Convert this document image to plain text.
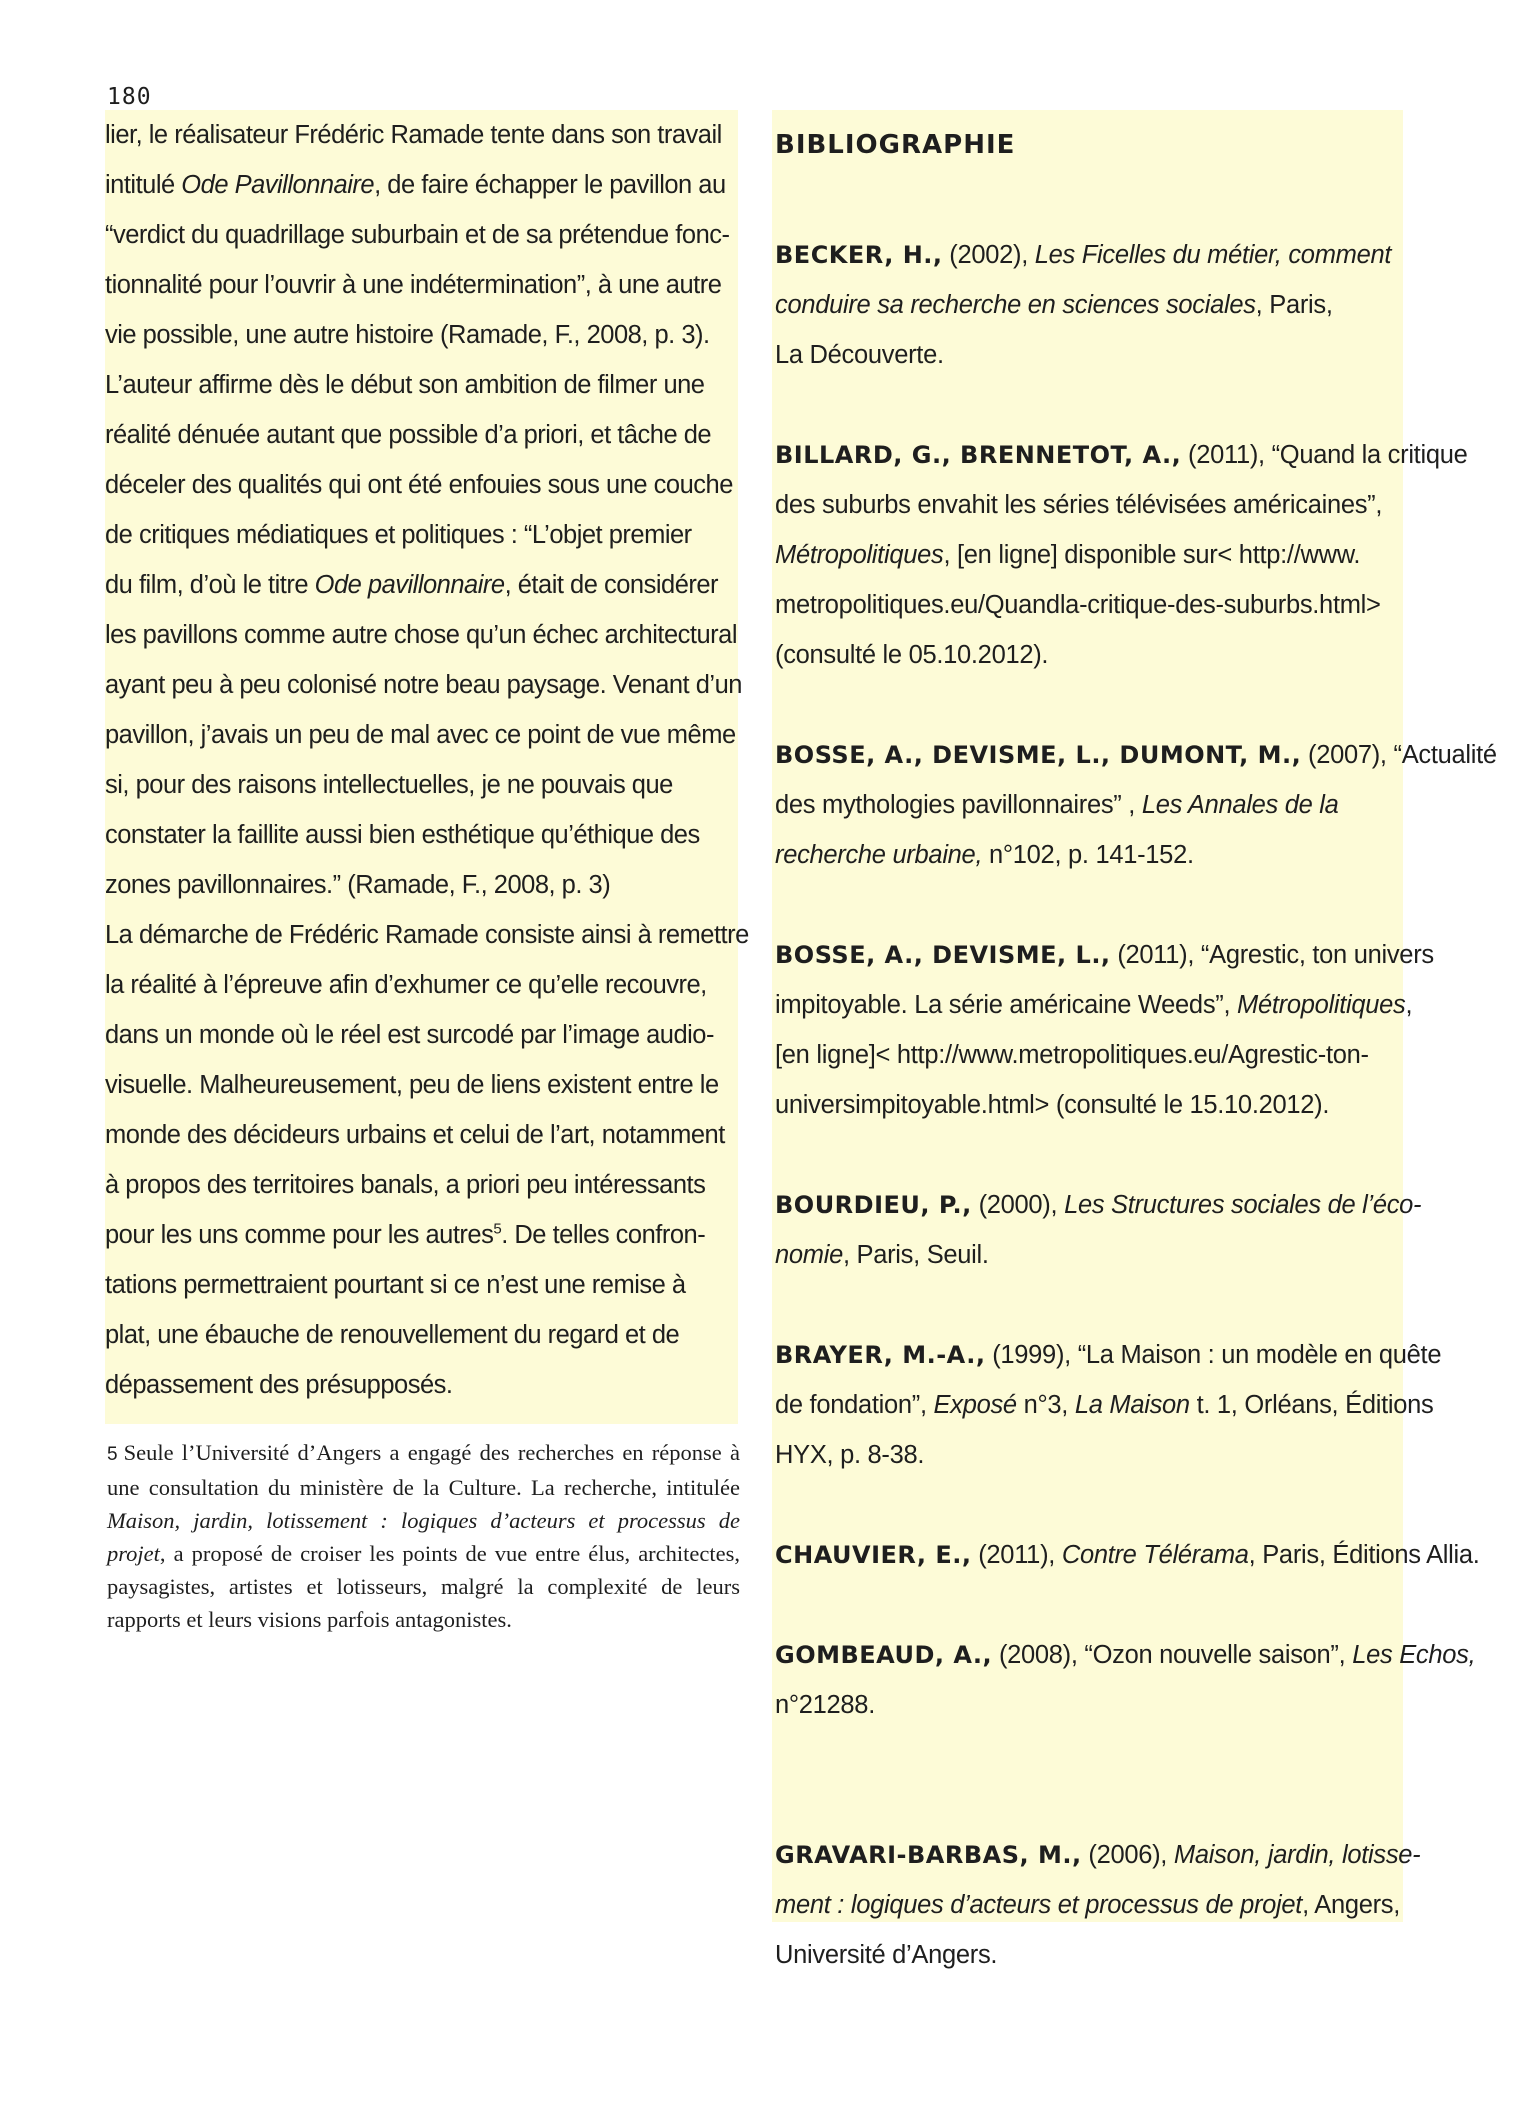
180
lier, le réalisateur Frédéric Ramade tente dans son travail
intitulé Ode Pavillonnaire, de faire échapper le pavillon au
“verdict du quadrillage suburbain et de sa prétendue fonc-
tionnalité pour l’ouvrir à une indétermination”, à une autre
vie possible, une autre histoire (Ramade, F., 2008, p. 3).
L’auteur affirme dès le début son ambition de filmer une
réalité dénuée autant que possible d’a priori, et tâche de
déceler des qualités qui ont été enfouies sous une couche
de critiques médiatiques et politiques : “L’objet premier
du film, d’où le titre Ode pavillonnaire, était de considérer
les pavillons comme autre chose qu’un échec architectural
ayant peu à peu colonisé notre beau paysage. Venant d’un
pavillon, j’avais un peu de mal avec ce point de vue même
si, pour des raisons intellectuelles, je ne pouvais que
constater la faillite aussi bien esthétique qu’éthique des
zones pavillonnaires.” (Ramade, F., 2008, p. 3)
La démarche de Frédéric Ramade consiste ainsi à remettre
la réalité à l’épreuve afin d’exhumer ce qu’elle recouvre,
dans un monde où le réel est surcodé par l’image audio-
visuelle. Malheureusement, peu de liens existent entre le
monde des décideurs urbains et celui de l’art, notamment
à propos des territoires banals, a priori peu intéressants
pour les uns comme pour les autres$^5$. De telles confron-
tations permettraient pourtant si ce n’est une remise à
plat, une ébauche de renouvellement du regard et de
dépassement des présupposés.
5 Seule l’Université d’Angers a engagé des recherches en réponse à une consultation du ministère de la Culture. La recherche, intitulée Maison, jardin, lotissement : logiques d’acteurs et processus de projet, a proposé de croiser les points de vue entre élus, architectes, paysagistes, artistes et lotisseurs, malgré la complexité de leurs rapports et leurs visions parfois antagonistes.
BIBLIOGRAPHIE
BECKER, H., (2002), Les Ficelles du métier, comment
conduire sa recherche en sciences sociales, Paris,
La Découverte.
BILLARD, G., BRENNETOT, A., (2011), “Quand la critique
des suburbs envahit les séries télévisées américaines”,
Métropolitiques, [en ligne] disponible sur< http://www.
metropolitiques.eu/Quandla-critique-des-suburbs.html>
(consulté le 05.10.2012).
BOSSE, A., DEVISME, L., DUMONT, M., (2007), “Actualité
des mythologies pavillonnaires” , Les Annales de la
recherche urbaine, n°102, p. 141-152.
BOSSE, A., DEVISME, L., (2011), “Agrestic, ton univers
impitoyable. La série américaine Weeds”, Métropolitiques,
[en ligne]< http://www.metropolitiques.eu/Agrestic-ton-
universimpitoyable.html> (consulté le 15.10.2012).
BOURDIEU, P., (2000), Les Structures sociales de l’éco-
nomie, Paris, Seuil.
BRAYER, M.-A., (1999), “La Maison : un modèle en quête
de fondation”, Exposé n°3, La Maison t. 1, Orléans, Éditions
HYX, p. 8-38.
CHAUVIER, E., (2011), Contre Télérama, Paris, Éditions Allia.
GOMBEAUD, A., (2008), “Ozon nouvelle saison”, Les Echos,
n°21288.
GRAVARI-BARBAS, M., (2006), Maison, jardin, lotisse-
ment : logiques d’acteurs et processus de projet, Angers,
Université d’Angers.
